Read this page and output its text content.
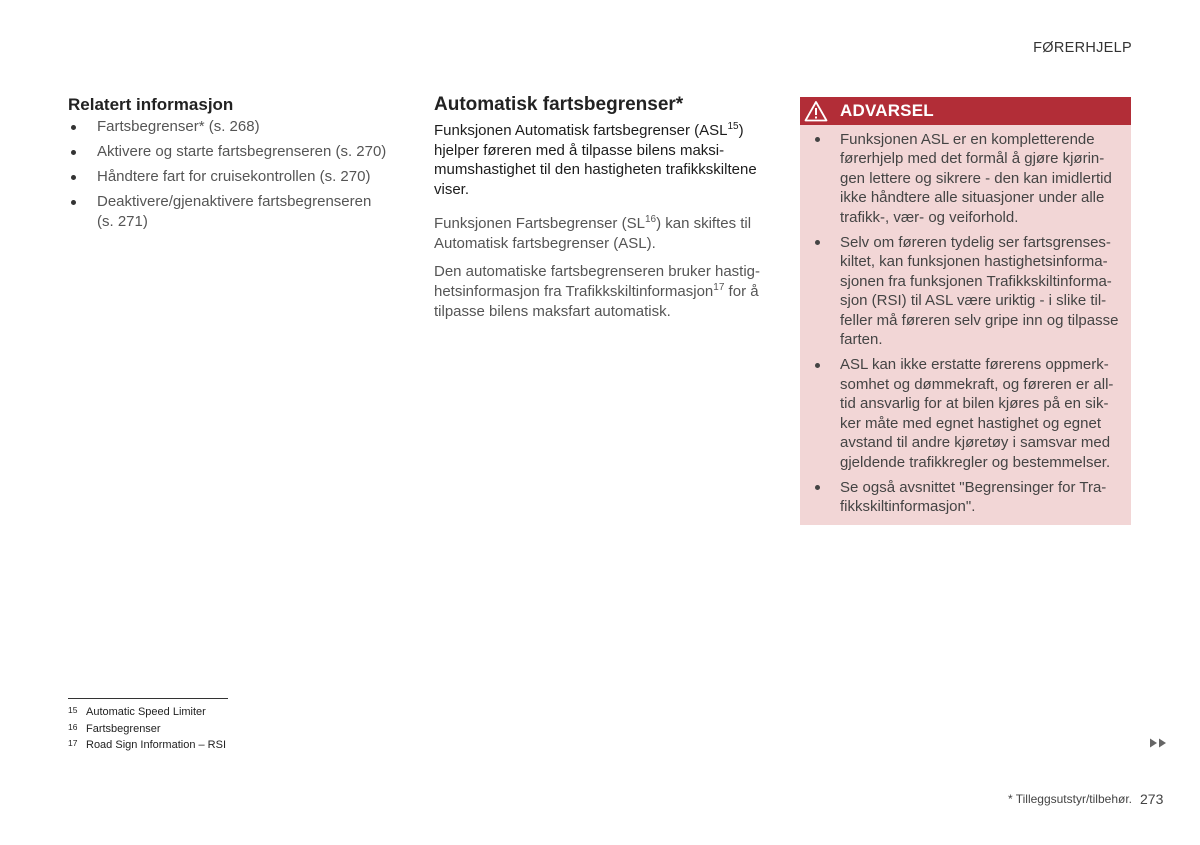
FØRERHJELP
Relatert informasjon
Fartsbegrenser* (s. 268)
Aktivere og starte fartsbegrenseren (s. 270)
Håndtere fart for cruisekontrollen (s. 270)
Deaktivere/gjenaktivere fartsbegrenseren
(s. 271)
Automatisk fartsbegrenser*
Funksjonen Automatisk fartsbegrenser (ASL$^{15}$)
hjelper føreren med å tilpasse bilens maksi-
mumshastighet til den hastigheten trafikkskiltene
viser.
Funksjonen Fartsbegrenser (SL$^{16}$) kan skiftes til
Automatisk fartsbegrenser (ASL).
Den automatiske fartsbegrenseren bruker hastig-
hetsinformasjon fra Trafikkskiltinformasjon$^{17}$ for å
tilpasse bilens maksfart automatisk.
ADVARSEL
Funksjonen ASL er en kompletterende
førerhjelp med det formål å gjøre kjørin-
gen lettere og sikrere - den kan imidlertid
ikke håndtere alle situasjoner under alle
trafikk-, vær- og veiforhold.
Selv om føreren tydelig ser fartsgrenses-
kiltet, kan funksjonen hastighetsinforma-
sjonen fra funksjonen Trafikkskiltinforma-
sjon (RSI) til ASL være uriktig - i slike til-
feller må føreren selv gripe inn og tilpasse
farten.
ASL kan ikke erstatte førerens oppmerk-
somhet og dømmekraft, og føreren er all-
tid ansvarlig for at bilen kjøres på en sik-
ker måte med egnet hastighet og egnet
avstand til andre kjøretøy i samsvar med
gjeldende trafikkregler og bestemmelser.
Se også avsnittet "Begrensinger for Tra-
fikkskiltinformasjon".
15 Automatic Speed Limiter
16 Fartsbegrenser
17 Road Sign Information – RSI
* Tilleggsutstyr/tilbehør. 273
